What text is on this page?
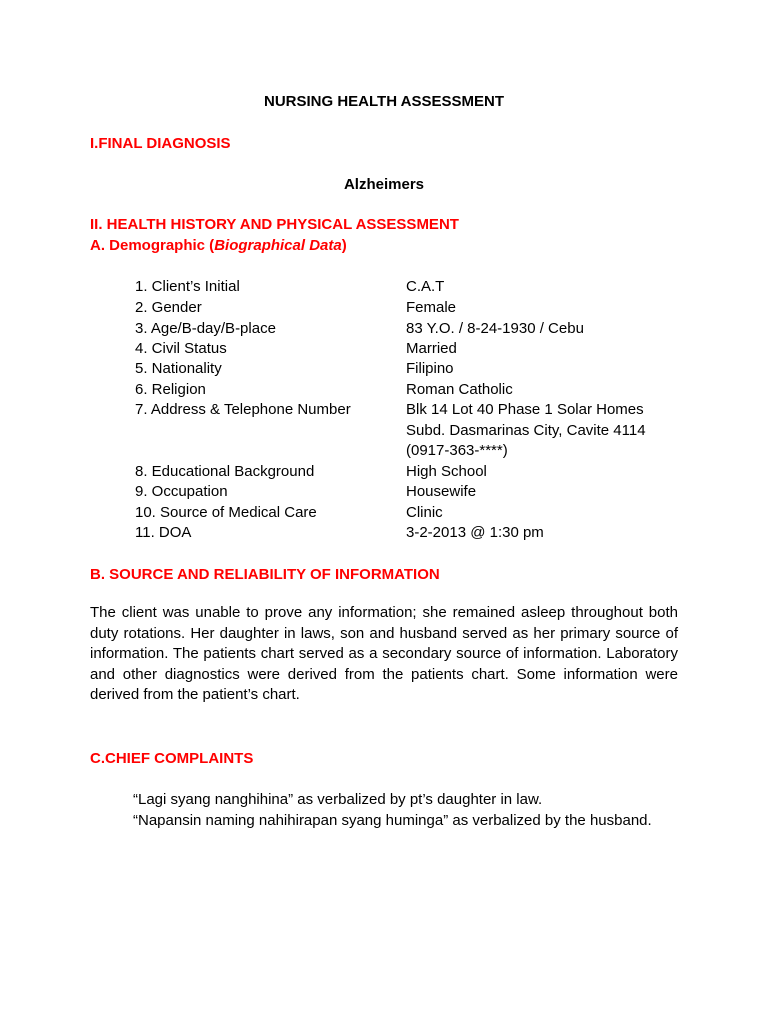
NURSING HEALTH ASSESSMENT
I.FINAL DIAGNOSIS
Alzheimers
II. HEALTH HISTORY AND PHYSICAL ASSESSMENT
A. Demographic (Biographical Data)
1. Client’s Initial	C.A.T
2. Gender	Female
3. Age/B-day/B-place	83 Y.O. / 8-24-1930 / Cebu
4. Civil Status	Married
5. Nationality	Filipino
6. Religion	Roman Catholic
7. Address & Telephone Number	Blk 14 Lot 40 Phase 1 Solar Homes
Subd. Dasmarinas City, Cavite 4114
(0917-363-****)
8. Educational Background	High School
9. Occupation	Housewife
10. Source of Medical Care	Clinic
11. DOA	3-2-2013 @ 1:30 pm
B. SOURCE AND RELIABILITY OF INFORMATION
The client was unable to prove any information; she remained asleep throughout both
duty rotations. Her daughter in laws, son and husband served as her primary source of
information. The patients chart served as a secondary source of information. Laboratory
and other diagnostics were derived from the patients chart. Some information were
derived from the patient’s chart.
C.CHIEF COMPLAINTS
“Lagi syang nanghihina” as verbalized by pt’s daughter in law.
“Napansin naming nahihirapan syang huminga” as verbalized by the husband.
